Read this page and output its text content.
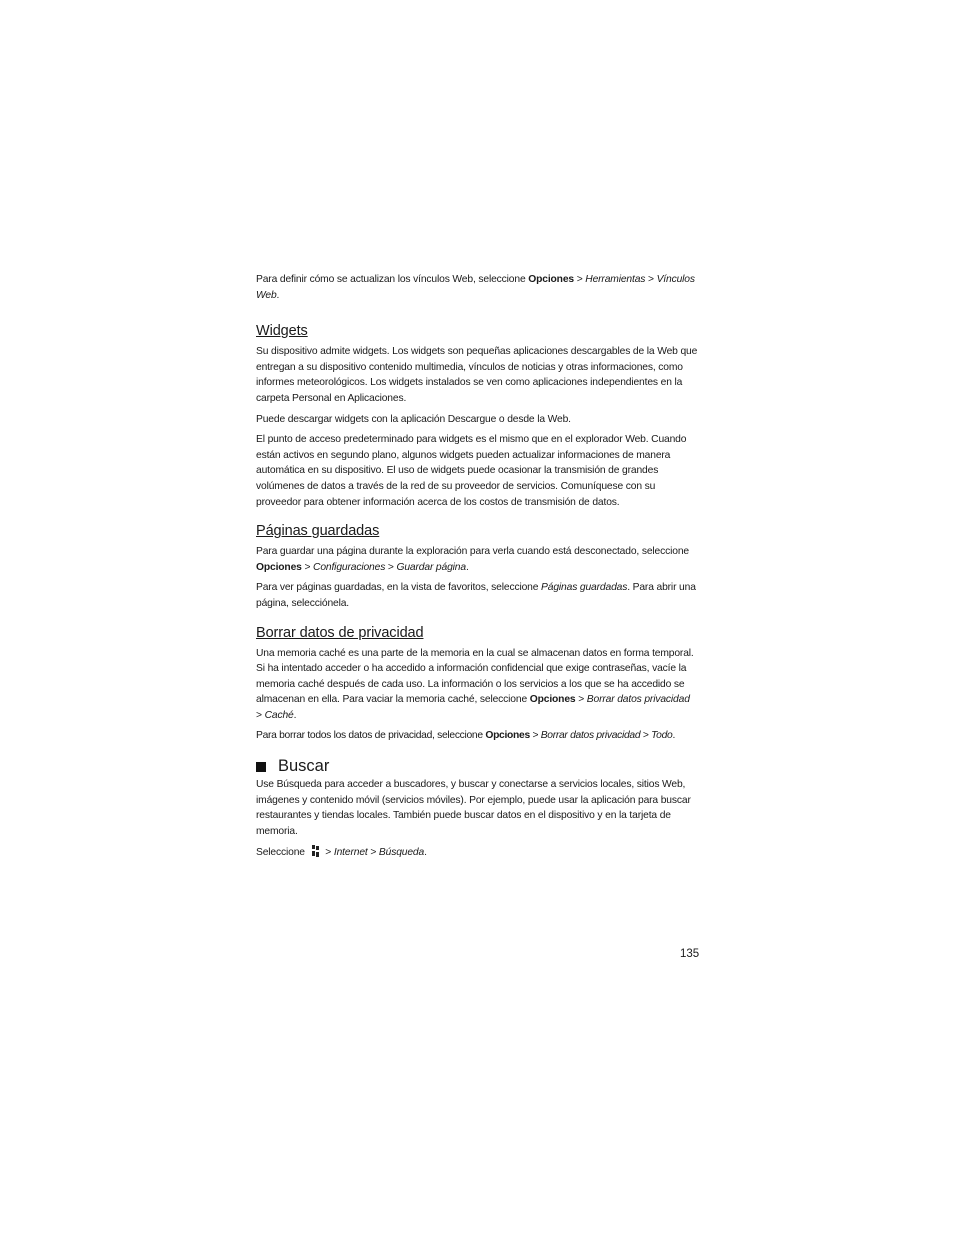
Para definir cómo se actualizan los vínculos Web, seleccione Opciones > Herramientas > Vínculos Web.

Widgets

Su dispositivo admite widgets. Los widgets son pequeñas aplicaciones descargables de la Web que entregan a su dispositivo contenido multimedia, vínculos de noticias y otras informaciones, como informes meteorológicos. Los widgets instalados se ven como aplicaciones independientes en la carpeta Personal en Aplicaciones.

Puede descargar widgets con la aplicación Descargue o desde la Web.

El punto de acceso predeterminado para widgets es el mismo que en el explorador Web. Cuando están activos en segundo plano, algunos widgets pueden actualizar informaciones de manera automática en su dispositivo. El uso de widgets puede ocasionar la transmisión de grandes volúmenes de datos a través de la red de su proveedor de servicios. Comuníquese con su proveedor para obtener información acerca de los costos de transmisión de datos.

Páginas guardadas

Para guardar una página durante la exploración para verla cuando está desconectado, seleccione Opciones > Configuraciones > Guardar página.

Para ver páginas guardadas, en la vista de favoritos, seleccione Páginas guardadas. Para abrir una página, selecciónela.

Borrar datos de privacidad

Una memoria caché es una parte de la memoria en la cual se almacenan datos en forma temporal. Si ha intentado acceder o ha accedido a información confidencial que exige contraseñas, vacíe la memoria caché después de cada uso. La información o los servicios a los que se ha accedido se almacenan en ella. Para vaciar la memoria caché, seleccione Opciones > Borrar datos privacidad > Caché.

Para borrar todos los datos de privacidad, seleccione Opciones > Borrar datos privacidad > Todo.

Buscar

Use Búsqueda para acceder a buscadores, y buscar y conectarse a servicios locales, sitios Web, imágenes y contenido móvil (servicios móviles). Por ejemplo, puede usar la aplicación para buscar restaurantes y tiendas locales. También puede buscar datos en el dispositivo y en la tarjeta de memoria.

Seleccione  > Internet > Búsqueda.

135
